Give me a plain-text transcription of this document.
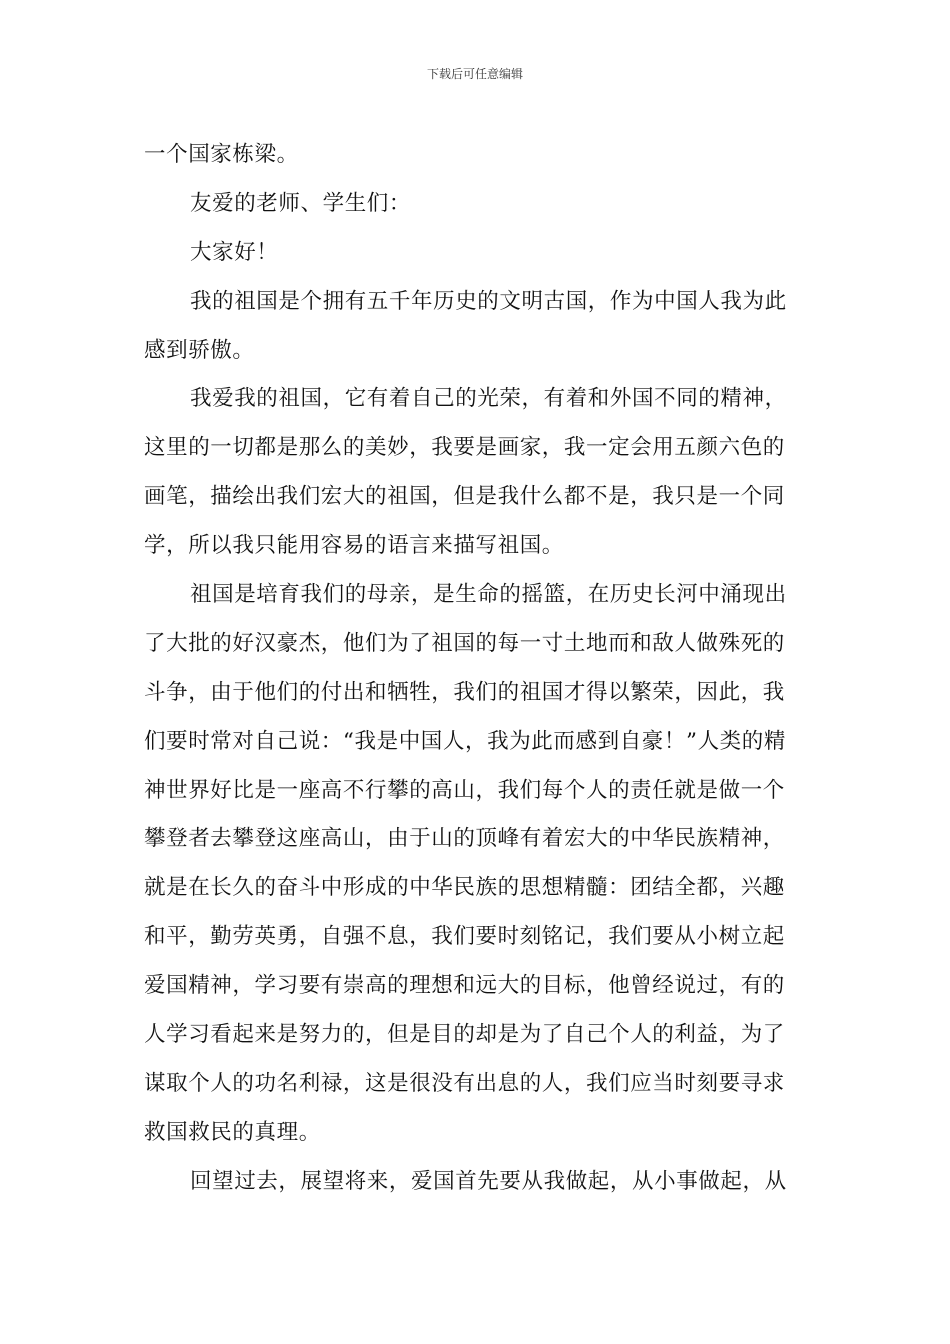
下载后可任意编辑
一个国家栋梁。
友爱的老师、学生们：
大家好！
我的祖国是个拥有五千年历史的文明古国，作为中国人我为此
感到骄傲。
我爱我的祖国，它有着自己的光荣，有着和外国不同的精神，
这里的一切都是那么的美妙，我要是画家，我一定会用五颜六色的
画笔，描绘出我们宏大的祖国，但是我什么都不是，我只是一个同
学，所以我只能用容易的语言来描写祖国。
祖国是培育我们的母亲，是生命的摇篮，在历史长河中涌现出
了大批的好汉豪杰，他们为了祖国的每一寸土地而和敌人做殊死的
斗争，由于他们的付出和牺牲，我们的祖国才得以繁荣，因此，我
们要时常对自己说：“我是中国人，我为此而感到自豪！”人类的精
神世界好比是一座高不行攀的高山，我们每个人的责任就是做一个
攀登者去攀登这座高山，由于山的顶峰有着宏大的中华民族精神，
就是在长久的奋斗中形成的中华民族的思想精髓：团结全都，兴趣
和平，勤劳英勇，自强不息，我们要时刻铭记，我们要从小树立起
爱国精神，学习要有崇高的理想和远大的目标，他曾经说过，有的
人学习看起来是努力的，但是目的却是为了自己个人的利益，为了
谋取个人的功名利禄，这是很没有出息的人，我们应当时刻要寻求
救国救民的真理。
回望过去，展望将来，爱国首先要从我做起，从小事做起，从
